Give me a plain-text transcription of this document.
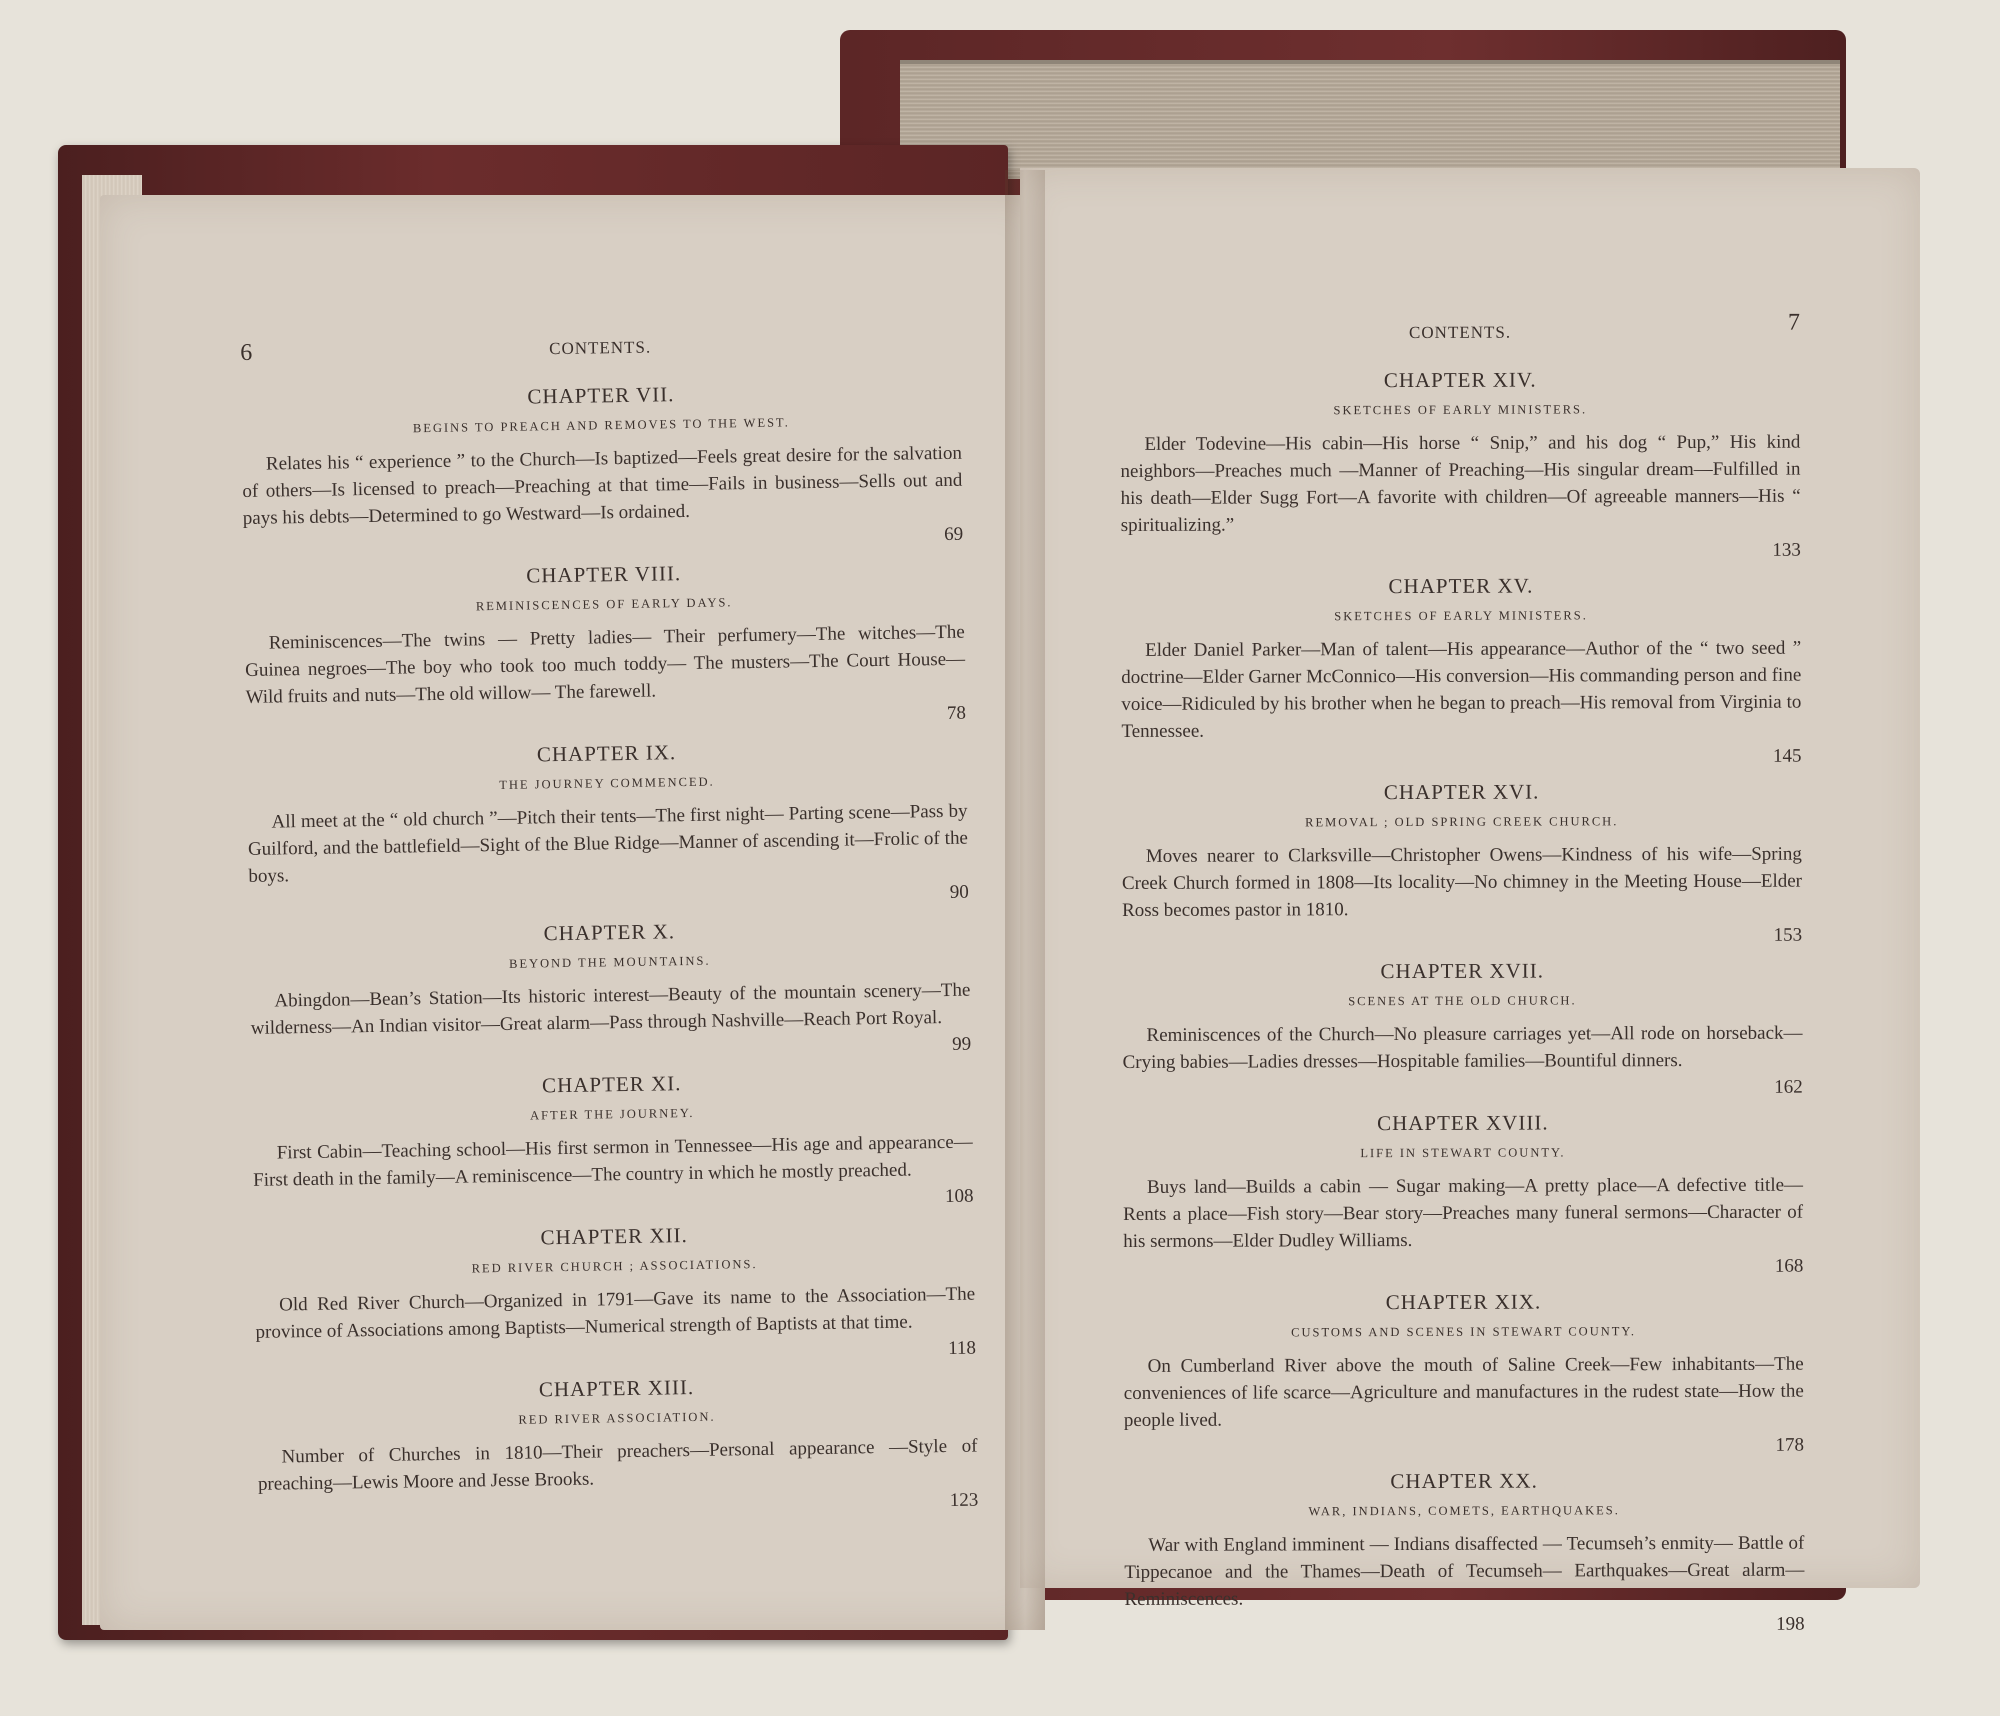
6	CONTENTS.
CHAPTER VII.
BEGINS TO PREACH AND REMOVES TO THE WEST.
Relates his “ experience ” to the Church—Is baptized—Feels great desire for the salvation of others—Is licensed to preach—Preaching at that time—Fails in business—Sells out and pays his debts—Determined to go Westward—Is ordained.
69
CHAPTER VIII.
REMINISCENCES OF EARLY DAYS.
Reminiscences—The twins — Pretty ladies— Their perfumery—The witches—The Guinea negroes—The boy who took too much toddy— The musters—The Court House—Wild fruits and nuts—The old willow— The farewell.
78
CHAPTER IX.
THE JOURNEY COMMENCED.
All meet at the “ old church ”—Pitch their tents—The first night— Parting scene—Pass by Guilford, and the battlefield—Sight of the Blue Ridge—Manner of ascending it—Frolic of the boys.
90
CHAPTER X.
BEYOND THE MOUNTAINS.
Abingdon—Bean’s Station—Its historic interest—Beauty of the mountain scenery—The wilderness—An Indian visitor—Great alarm—Pass through Nashville—Reach Port Royal.
99
CHAPTER XI.
AFTER THE JOURNEY.
First Cabin—Teaching school—His first sermon in Tennessee—His age and appearance—First death in the family—A reminiscence—The country in which he mostly preached.
108
CHAPTER XII.
RED RIVER CHURCH ; ASSOCIATIONS.
Old Red River Church—Organized in 1791—Gave its name to the Association—The province of Associations among Baptists—Numerical strength of Baptists at that time.
118
CHAPTER XIII.
RED RIVER ASSOCIATION.
Number of Churches in 1810—Their preachers—Personal appearance —Style of preaching—Lewis Moore and Jesse Brooks.
123
CONTENTS.	7
CHAPTER XIV.
SKETCHES OF EARLY MINISTERS.
Elder Todevine—His cabin—His horse “ Snip,” and his dog “ Pup,” His kind neighbors—Preaches much —Manner of Preaching—His singular dream—Fulfilled in his death—Elder Sugg Fort—A favorite with children—Of agreeable manners—His “ spiritualizing.”
133
CHAPTER XV.
SKETCHES OF EARLY MINISTERS.
Elder Daniel Parker—Man of talent—His appearance—Author of the “ two seed ” doctrine—Elder Garner McConnico—His conversion—His commanding person and fine voice—Ridiculed by his brother when he began to preach—His removal from Virginia to Tennessee.
145
CHAPTER XVI.
REMOVAL ; OLD SPRING CREEK CHURCH.
Moves nearer to Clarksville—Christopher Owens—Kindness of his wife—Spring Creek Church formed in 1808—Its locality—No chimney in the Meeting House—Elder Ross becomes pastor in 1810.
153
CHAPTER XVII.
SCENES AT THE OLD CHURCH.
Reminiscences of the Church—No pleasure carriages yet—All rode on horseback—Crying babies—Ladies dresses—Hospitable families—Bountiful dinners.
162
CHAPTER XVIII.
LIFE IN STEWART COUNTY.
Buys land—Builds a cabin — Sugar making—A pretty place—A defective title—Rents a place—Fish story—Bear story—Preaches many funeral sermons—Character of his sermons—Elder Dudley Williams.
168
CHAPTER XIX.
CUSTOMS AND SCENES IN STEWART COUNTY.
On Cumberland River above the mouth of Saline Creek—Few inhabitants—The conveniences of life scarce—Agriculture and manufactures in the rudest state—How the people lived.
178
CHAPTER XX.
WAR, INDIANS, COMETS, EARTHQUAKES.
War with England imminent — Indians disaffected — Tecumseh’s enmity— Battle of Tippecanoe and the Thames—Death of Tecumseh— Earthquakes—Great alarm—Reminiscences.
198
